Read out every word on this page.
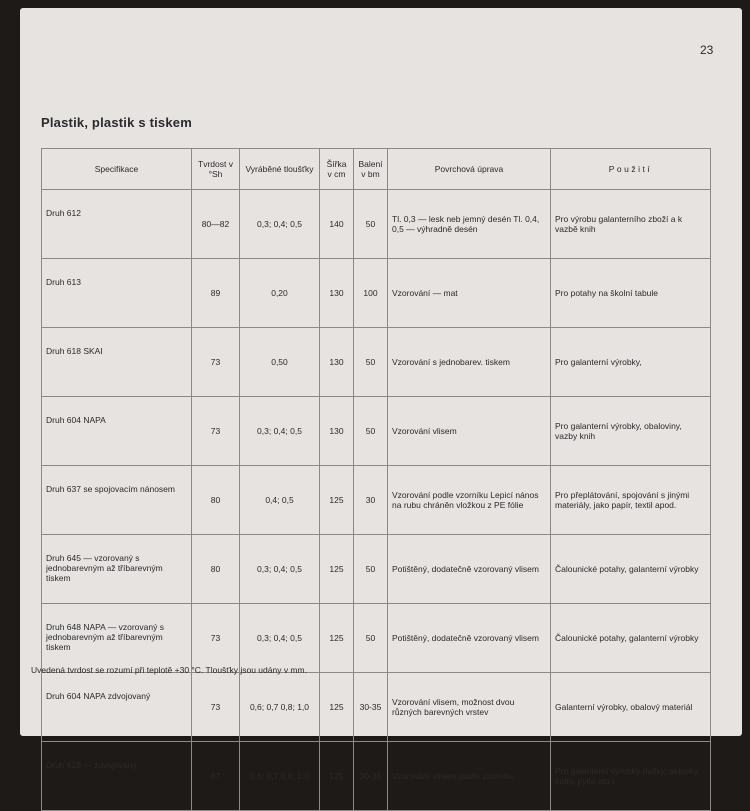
23
Plastik, plastik s tiskem
Specifikace	Tvrdost v °Sh	Vyráběné tloušťky	Šířka v cm	Balení v bm	Povrchová úprava	Použití
Druh 612	80—82	0,3; 0,4; 0,5	140	50	Tl. 0,3 — lesk neb jemný desén Tl. 0,4, 0,5 — výhradně desén	Pro výrobu galanterního zboží a k vazbě knih
Druh 613	89	0,20	130	100	Vzorování — mat	Pro potahy na školní tabule
Druh 618 SKAI	73	0,50	130	50	Vzorování s jednobarev. tiskem	Pro galanterní výrobky,
Druh 604 NAPA	73	0,3; 0,4; 0,5	130	50	Vzorování vlisem	Pro galanterní výrobky, obaloviny, vazby knih
Druh 637 se spojovacím nánosem	80	0,4; 0,5	125	30	Vzorování podle vzorníku Lepicí nános na rubu chráněn vložkou z PE fólie	Pro přeplátování, spojování s jinými materiály, jako papír, textil apod.
Druh 645 — vzorovaný s jednobarevným až tříbarevným tiskem	80	0,3; 0,4; 0,5	125	50	Potištěný, dodatečně vzorovaný vlisem	Čalounické potahy, galanterní výrobky
Druh 648 NAPA — vzorovaný s jednobarevným až tříbarevným tiskem	73	0,3; 0,4; 0,5	125	50	Potištěný, dodatečně vzorovaný vlisem	Čalounické potahy, galanterní výrobky
Druh 604 NAPA zdvojovaný	73	0,6; 0,7 0,8; 1,0	125	30-35	Vzorování vlisem, možnost dvou různých barevných vrstev	Galanterní výrobky, obalový materiál
Druh 619 — zdvojovaný	67	0,6; 0,7 0,8; 1,0	125	30-35	Vzorování vlisem podle vzorníku	Pro galanterní výrobky (tašky, aktovky, kufry, pytle atp.)
Uvedená tvrdost se rozumí při teplotě +30 °C. Tloušťky jsou udány v mm.
